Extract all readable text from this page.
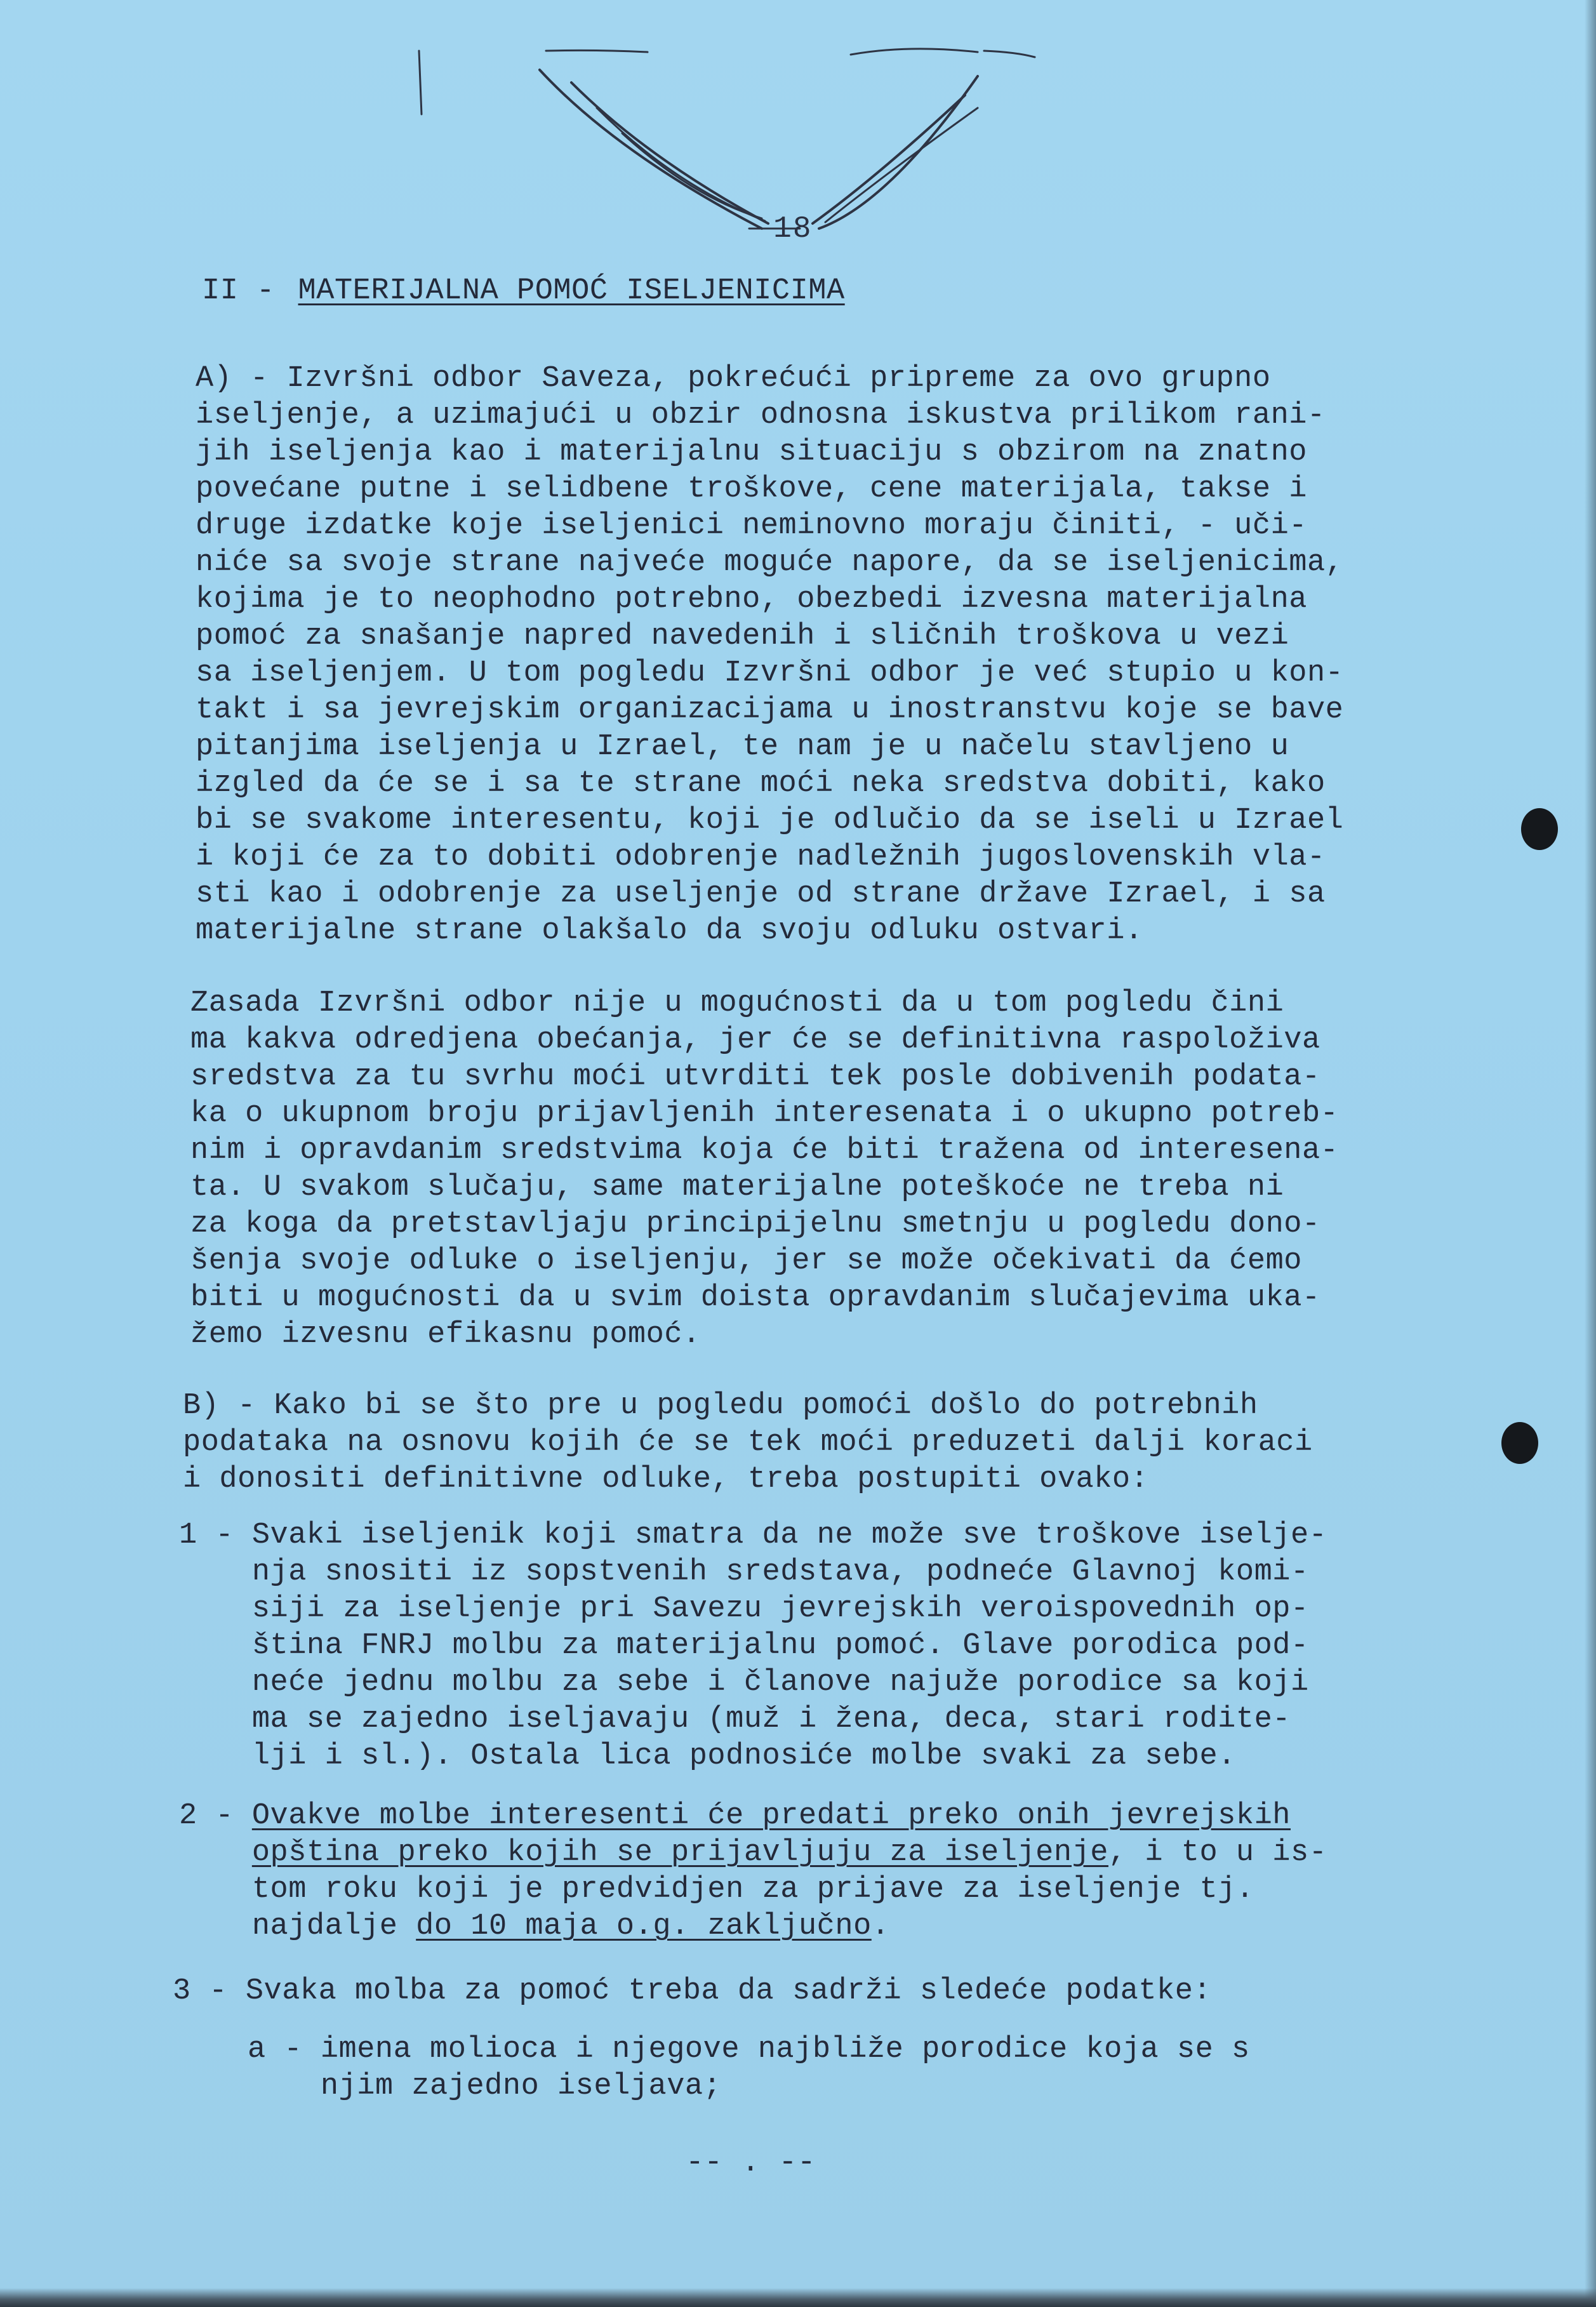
18
II - MATERIJALNA POMOĆ ISELJENICIMA
A) - Izvršni odbor Saveza, pokrećući pripreme za ovo grupno
iseljenje, a uzimajući u obzir odnosna iskustva prilikom rani-
jih iseljenja kao i materijalnu situaciju s obzirom na znatno
povećane putne i selidbene troškove, cene materijala, takse i
druge izdatke koje iseljenici neminovno moraju činiti, - uči-
niće sa svoje strane najveće moguće napore, da se iseljenicima,
kojima je to neophodno potrebno, obezbedi izvesna materijalna
pomoć za snašanje napred navedenih i sličnih troškova u vezi
sa iseljenjem. U tom pogledu Izvršni odbor je već stupio u kon-
takt i sa jevrejskim organizacijama u inostranstvu koje se bave
pitanjima iseljenja u Izrael, te nam je u načelu stavljeno u
izgled da će se i sa te strane moći neka sredstva dobiti, kako
bi se svakome interesentu, koji je odlučio da se iseli u Izrael
i koji će za to dobiti odobrenje nadležnih jugoslovenskih vla-
sti kao i odobrenje za useljenje od strane države Izrael, i sa
materijalne strane olakšalo da svoju odluku ostvari.
Zasada Izvršni odbor nije u mogućnosti da u tom pogledu čini
ma kakva odredjena obećanja, jer će se definitivna raspoloživa
sredstva za tu svrhu moći utvrditi tek posle dobivenih podata-
ka o ukupnom broju prijavljenih interesenata i o ukupno potreb-
nim i opravdanim sredstvima koja će biti tražena od interesena-
ta. U svakom slučaju, same materijalne poteškoće ne treba ni
za koga da pretstavljaju principijelnu smetnju u pogledu dono-
šenja svoje odluke o iseljenju, jer se može očekivati da ćemo
biti u mogućnosti da u svim doista opravdanim slučajevima uka-
žemo izvesnu efikasnu pomoć.
B) - Kako bi se što pre u pogledu pomoći došlo do potrebnih
podataka na osnovu kojih će se tek moći preduzeti dalji koraci
i donositi definitivne odluke, treba postupiti ovako:
1 - Svaki iseljenik koji smatra da ne može sve troškove iselje-
nja snositi iz sopstvenih sredstava, podneće Glavnoj komi-
siji za iseljenje pri Savezu jevrejskih veroispovednih op-
ština FNRJ molbu za materijalnu pomoć. Glave porodica pod-
neće jednu molbu za sebe i članove najuže porodice sa koji
ma se zajedno iseljavaju (muž i žena, deca, stari rodite-
lji i sl.). Ostala lica podnosiće molbe svaki za sebe.
2 - Ovakve molbe interesenti će predati preko onih jevrejskih
opština preko kojih se prijavljuju za iseljenje, i to u is-
tom roku koji je predvidjen za prijave za iseljenje tj.
najdalje do 10 maja o.g. zaključno.
3 - Svaka molba za pomoć treba da sadrži sledeće podatke:
a - imena molioca i njegove najbliže porodice koja se s
njim zajedno iseljava;
-- . --
